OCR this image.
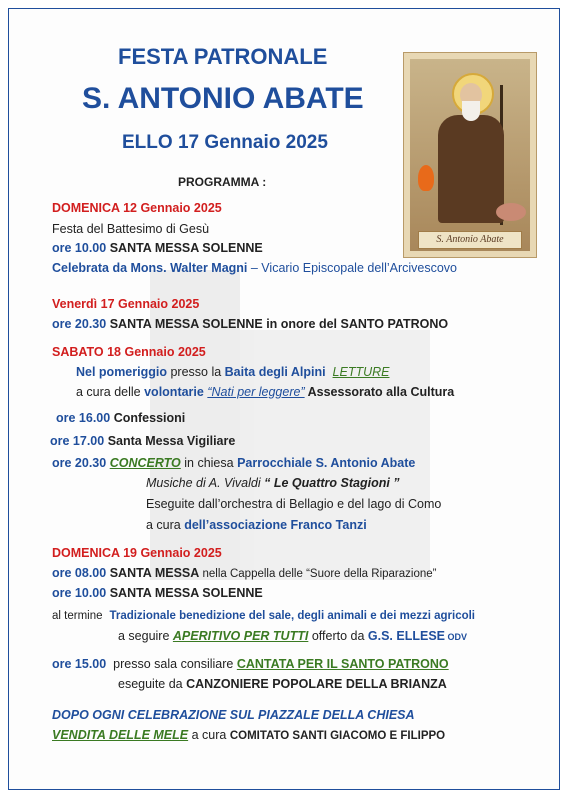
FESTA PATRONALE
S. ANTONIO ABATE
ELLO 17 Gennaio 2025
PROGRAMMA :
S. Antonio Abate
DOMENICA 12 Gennaio 2025
Festa del Battesimo di Gesù
ore 10.00 SANTA MESSA SOLENNE
Celebrata da Mons. Walter Magni – Vicario Episcopale dell’Arcivescovo
Venerdì 17 Gennaio 2025
ore 20.30 SANTA MESSA SOLENNE in onore del SANTO PATRONO
SABATO 18 Gennaio 2025
Nel pomeriggio presso la Baita degli Alpini LETTURE
a cura delle volontarie “Nati per leggere” Assessorato alla Cultura
ore 16.00 Confessioni
ore 17.00 Santa Messa Vigiliare
ore 20.30 CONCERTO in chiesa Parrocchiale S. Antonio Abate
Musiche di A. Vivaldi “ Le Quattro Stagioni ”
Eseguite dall’orchestra di Bellagio e del lago di Como
a cura dell’associazione Franco Tanzi
DOMENICA 19 Gennaio 2025
ore 08.00 SANTA MESSA nella Cappella delle “Suore della Riparazione”
ore 10.00 SANTA MESSA SOLENNE
al termine Tradizionale benedizione del sale, degli animali e dei mezzi agricoli
a seguire APERITIVO PER TUTTI offerto da G.S. ELLESE ODV
ore 15.00 presso sala consiliare CANTATA PER IL SANTO PATRONO
eseguite da CANZONIERE POPOLARE DELLA BRIANZA
DOPO OGNI CELEBRAZIONE SUL PIAZZALE DELLA CHIESA
VENDITA DELLE MELE a cura COMITATO SANTI GIACOMO E FILIPPO
